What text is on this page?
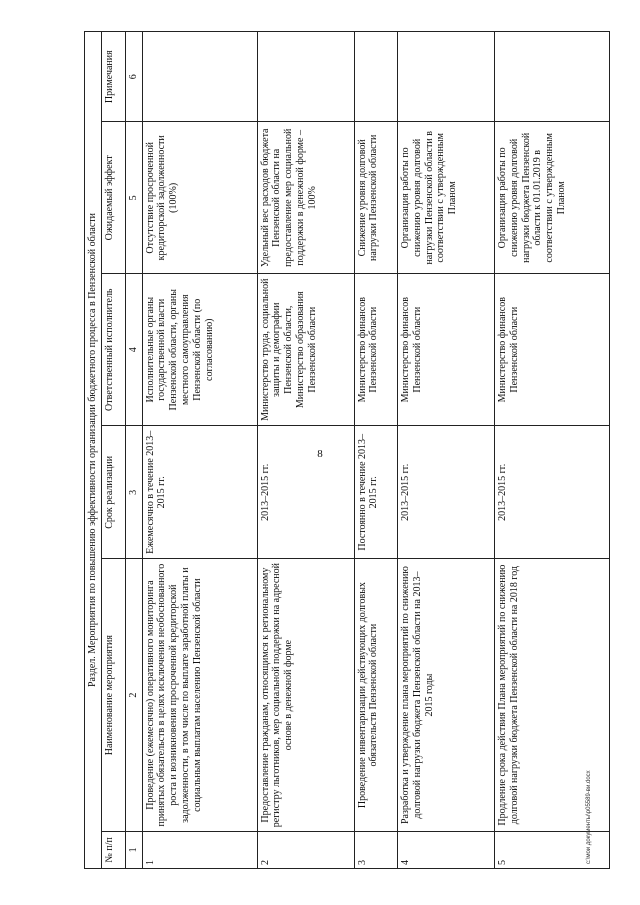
8
Раздел. Мероприятия по повышению эффективности организации бюджетного процесса в Пензенской области					
№ п/п	Наименование мероприятия	Срок реализации	Ответственный исполнитель	Ожидаемый эффект	Примечания
1	2	3	4	5	6
1	Проведение (ежемесячно) оперативного мониторинга принятых обязательств в целях исключения необоснованного роста и возникновения просроченной кредиторской задолженности, в том числе по выплате заработной платы и социальным выплатам населению Пензенской области	Ежемесячно в течение 2013–2015 гг.	Исполнительные органы государственной власти Пензенской области, органы местного самоуправления Пензенской области (по согласованию)	Отсутствие просроченной кредиторской задолженности (100%)	
2	Предоставление гражданам, относящимся к региональному регистру льготников, мер социальной поддержки на адресной основе в денежной форме	2013–2015 гг.	Министерство труда, социальной защиты и демографии Пензенской области, Министерство образования Пензенской области	Удельный вес расходов бюджета Пензенской области на предоставление мер социальной поддержки в денежной форме – 100%	
3	Проведение инвентаризации действующих долговых обязательств Пензенской области	Постоянно в течение 2013–2015 гг.	Министерство финансов Пензенской области	Снижение уровня долговой нагрузки Пензенской области	
4	Разработка и утверждение плана мероприятий по снижению долговой нагрузки бюджета Пензенской области на 2013–2015 годы	2013–2015 гг.	Министерство финансов Пензенской области	Организация работы по снижению уровня долговой нагрузки Пензенской области в соответствии с утвержденным Планом	
5	Продление срока действия Плана мероприятий по снижению долговой нагрузки бюджета Пензенской области на 2018 год	2013–2015 гг.	Министерство финансов Пензенской области	Организация работы по снижению уровня долговой нагрузки бюджета Пензенской области к 01.01.2019 в соответствии с утвержденным Планом	
c:\мои документы\p05589-ви.docx
